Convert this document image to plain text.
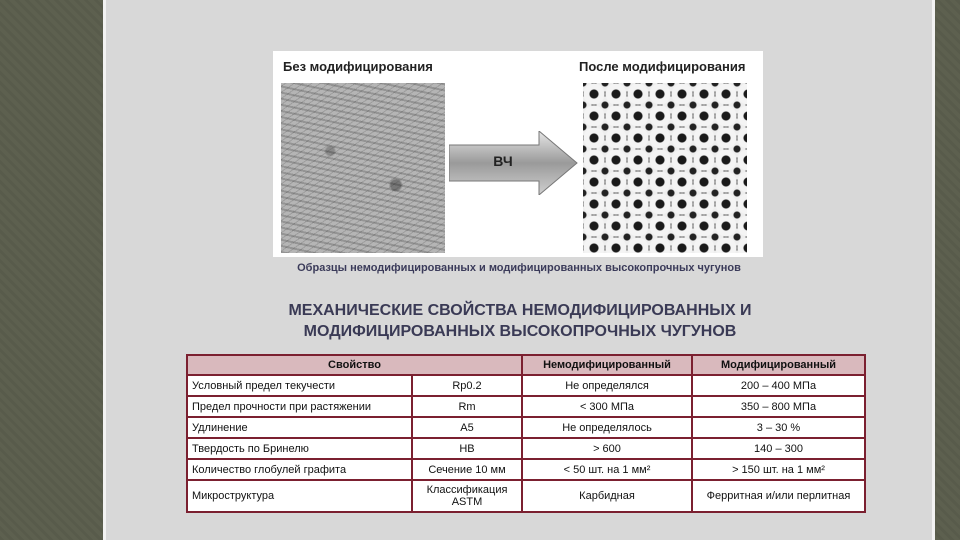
Без модифицирования	После модифицирования
ВЧ
Образцы немодифицированных и модифицированных высокопрочных чугунов
МЕХАНИЧЕСКИЕ СВОЙСТВА НЕМОДИФИЦИРОВАННЫХ И
МОДИФИЦИРОВАННЫХ ВЫСОКОПРОЧНЫХ ЧУГУНОВ
Свойство		Немодифицированный	Модифицированный
Условный предел текучести	Rp0.2	Не определялся	200 – 400 МПа
Предел прочности при растяжении	Rm	< 300 МПа	350 – 800 МПа
Удлинение	A5	Не определялось	3 – 30 %
Твердость по Бринелю	HB	> 600	140 – 300
Количество глобулей графита	Сечение 10 мм	< 50 шт. на 1 мм²	> 150 шт. на 1 мм²
Микроструктура	Классификация ASTM	Карбидная	Ферритная и/или перлитная
